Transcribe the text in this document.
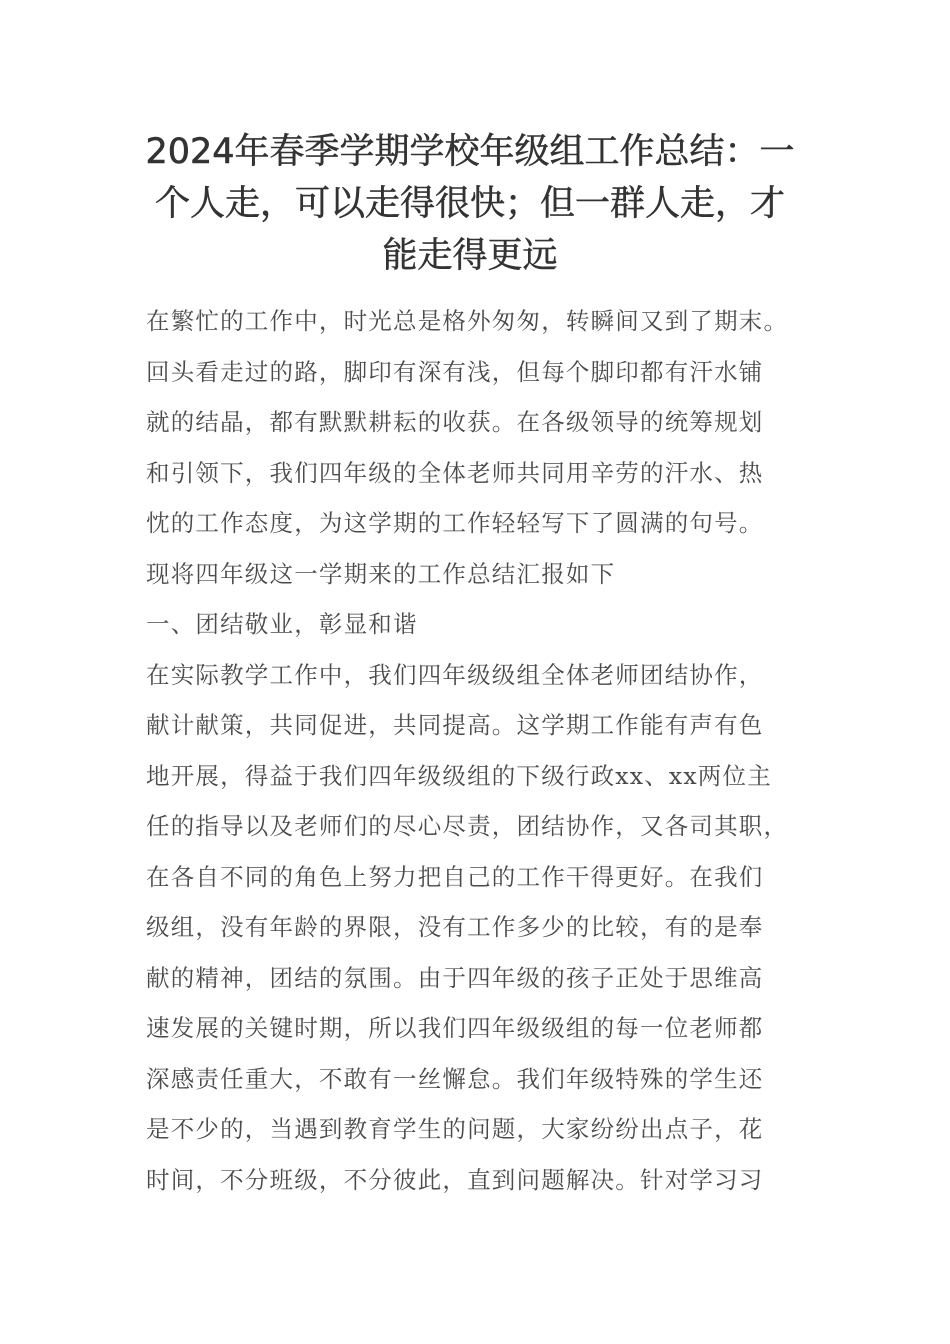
2024年春季学期学校年级组工作总结：一
个人走，可以走得很快；但一群人走，才
能走得更远
在繁忙的工作中，时光总是格外匆匆，转瞬间又到了期末。
回头看走过的路，脚印有深有浅，但每个脚印都有汗水铺
就的结晶，都有默默耕耘的收获。在各级领导的统筹规划
和引领下，我们四年级的全体老师共同用辛劳的汗水、热
忱的工作态度，为这学期的工作轻轻写下了圆满的句号。
现将四年级这一学期来的工作总结汇报如下
一、团结敬业，彰显和谐
在实际教学工作中，我们四年级级组全体老师团结协作，
献计献策，共同促进，共同提高。这学期工作能有声有色
地开展，得益于我们四年级级组的下级行政xx、xx两位主
任的指导以及老师们的尽心尽责，团结协作，又各司其职，
在各自不同的角色上努力把自己的工作干得更好。在我们
级组，没有年龄的界限，没有工作多少的比较，有的是奉
献的精神，团结的氛围。由于四年级的孩子正处于思维高
速发展的关键时期，所以我们四年级级组的每一位老师都
深感责任重大，不敢有一丝懈怠。我们年级特殊的学生还
是不少的，当遇到教育学生的问题，大家纷纷出点子，花
时间，不分班级，不分彼此，直到问题解决。针对学习习
